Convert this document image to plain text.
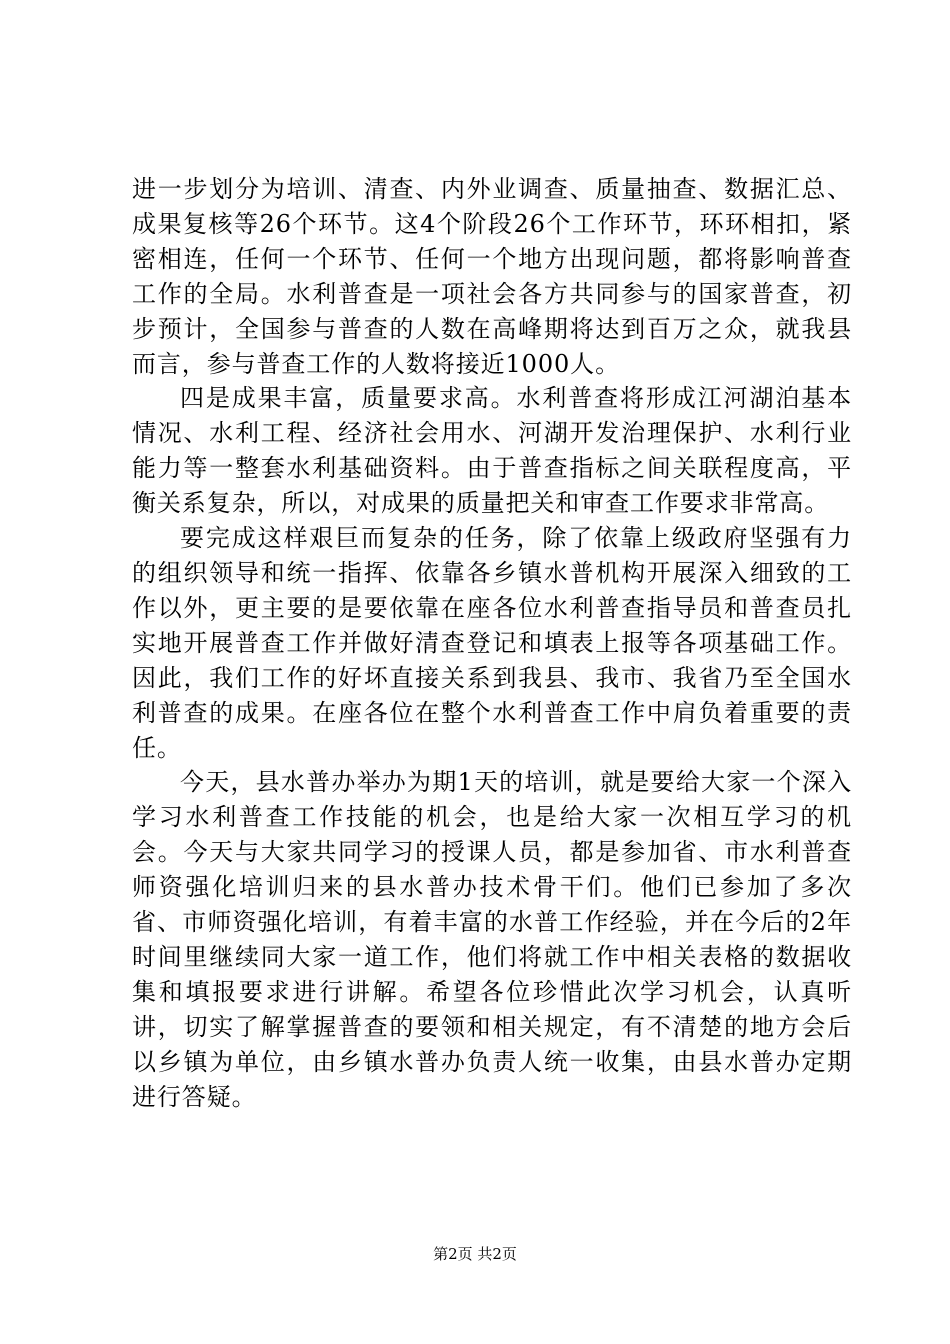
进一步划分为培训、清查、内外业调查、质量抽查、数据汇总、成果复核等26个环节。这4个阶段26个工作环节，环环相扣，紧密相连，任何一个环节、任何一个地方出现问题，都将影响普查工作的全局。水利普查是一项社会各方共同参与的国家普查，初步预计，全国参与普查的人数在高峰期将达到百万之众，就我县而言，参与普查工作的人数将接近1000人。

四是成果丰富，质量要求高。水利普查将形成江河湖泊基本情况、水利工程、经济社会用水、河湖开发治理保护、水利行业能力等一整套水利基础资料。由于普查指标之间关联程度高，平衡关系复杂，所以，对成果的质量把关和审查工作要求非常高。

要完成这样艰巨而复杂的任务，除了依靠上级政府坚强有力的组织领导和统一指挥、依靠各乡镇水普机构开展深入细致的工作以外，更主要的是要依靠在座各位水利普查指导员和普查员扎实地开展普查工作并做好清查登记和填表上报等各项基础工作。因此，我们工作的好坏直接关系到我县、我市、我省乃至全国水利普查的成果。在座各位在整个水利普查工作中肩负着重要的责任。

今天，县水普办举办为期1天的培训，就是要给大家一个深入学习水利普查工作技能的机会，也是给大家一次相互学习的机会。今天与大家共同学习的授课人员，都是参加省、市水利普查师资强化培训归来的县水普办技术骨干们。他们已参加了多次省、市师资强化培训，有着丰富的水普工作经验，并在今后的2年时间里继续同大家一道工作，他们将就工作中相关表格的数据收集和填报要求进行讲解。希望各位珍惜此次学习机会，认真听讲，切实了解掌握普查的要领和相关规定，有不清楚的地方会后以乡镇为单位，由乡镇水普办负责人统一收集，由县水普办定期进行答疑。

第2页 共2页
